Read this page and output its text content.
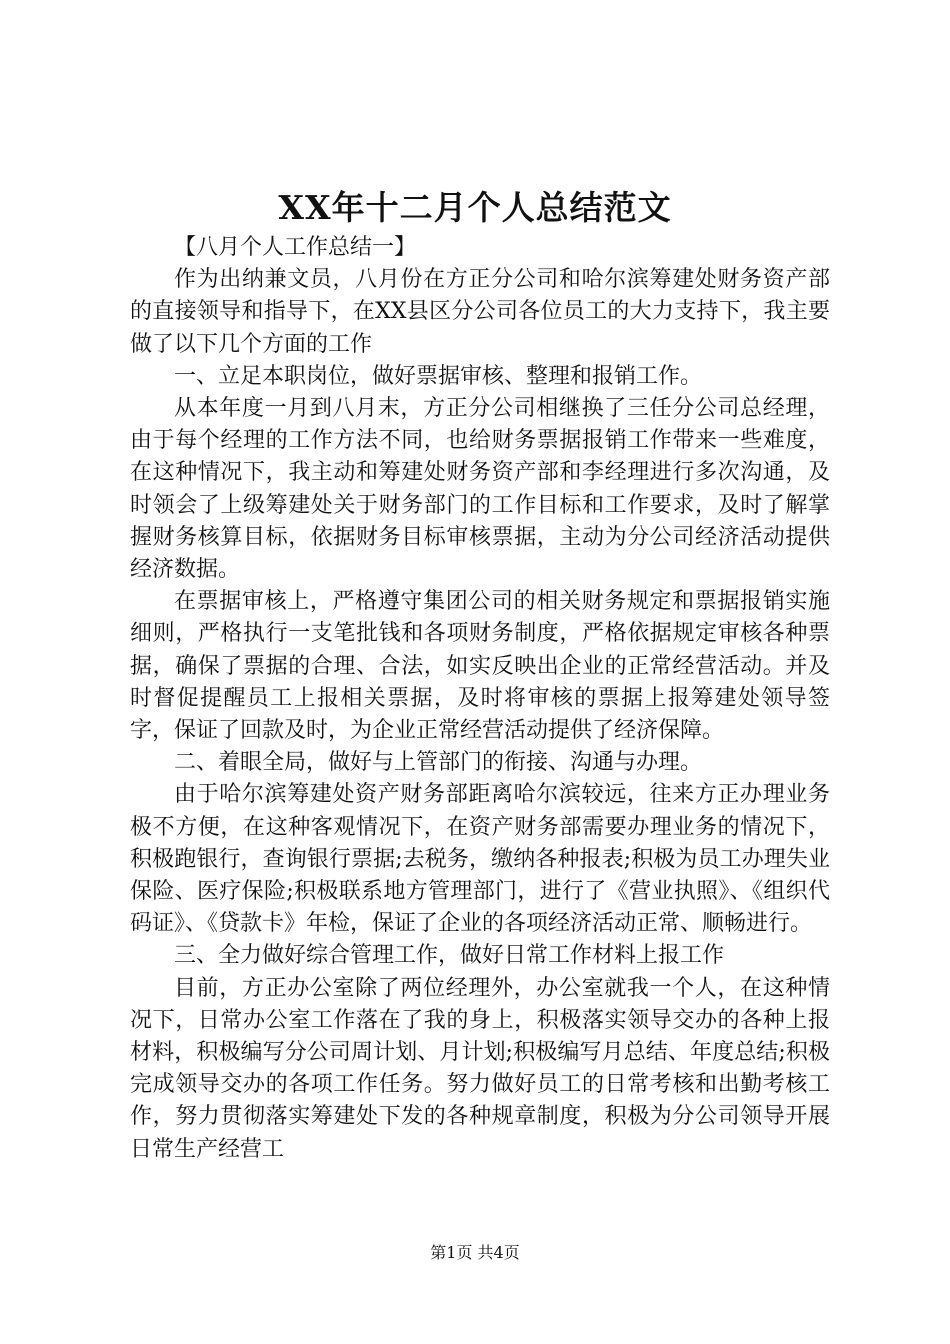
XX年十二月个人总结范文

【八月个人工作总结一】

作为出纳兼文员，八月份在方正分公司和哈尔滨筹建处财务资产部的直接领导和指导下，在XX县区分公司各位员工的大力支持下，我主要做了以下几个方面的工作

一、立足本职岗位，做好票据审核、整理和报销工作。

从本年度一月到八月末，方正分公司相继换了三任分公司总经理，由于每个经理的工作方法不同，也给财务票据报销工作带来一些难度，在这种情况下，我主动和筹建处财务资产部和李经理进行多次沟通，及时领会了上级筹建处关于财务部门的工作目标和工作要求，及时了解掌握财务核算目标，依据财务目标审核票据，主动为分公司经济活动提供经济数据。

在票据审核上，严格遵守集团公司的相关财务规定和票据报销实施细则，严格执行一支笔批钱和各项财务制度，严格依据规定审核各种票据，确保了票据的合理、合法，如实反映出企业的正常经营活动。并及时督促提醒员工上报相关票据，及时将审核的票据上报筹建处领导签字，保证了回款及时，为企业正常经营活动提供了经济保障。

二、着眼全局，做好与上管部门的衔接、沟通与办理。

由于哈尔滨筹建处资产财务部距离哈尔滨较远，往来方正办理业务极不方便，在这种客观情况下，在资产财务部需要办理业务的情况下，积极跑银行，查询银行票据;去税务，缴纳各种报表;积极为员工办理失业保险、医疗保险;积极联系地方管理部门，进行了《营业执照》、《组织代码证》、《贷款卡》年检，保证了企业的各项经济活动正常、顺畅进行。

三、全力做好综合管理工作，做好日常工作材料上报工作

目前，方正办公室除了两位经理外，办公室就我一个人，在这种情况下，日常办公室工作落在了我的身上，积极落实领导交办的各种上报材料，积极编写分公司周计划、月计划;积极编写月总结、年度总结;积极完成领导交办的各项工作任务。努力做好员工的日常考核和出勤考核工作，努力贯彻落实筹建处下发的各种规章制度，积极为分公司领导开展日常生产经营工

第1页 共4页
